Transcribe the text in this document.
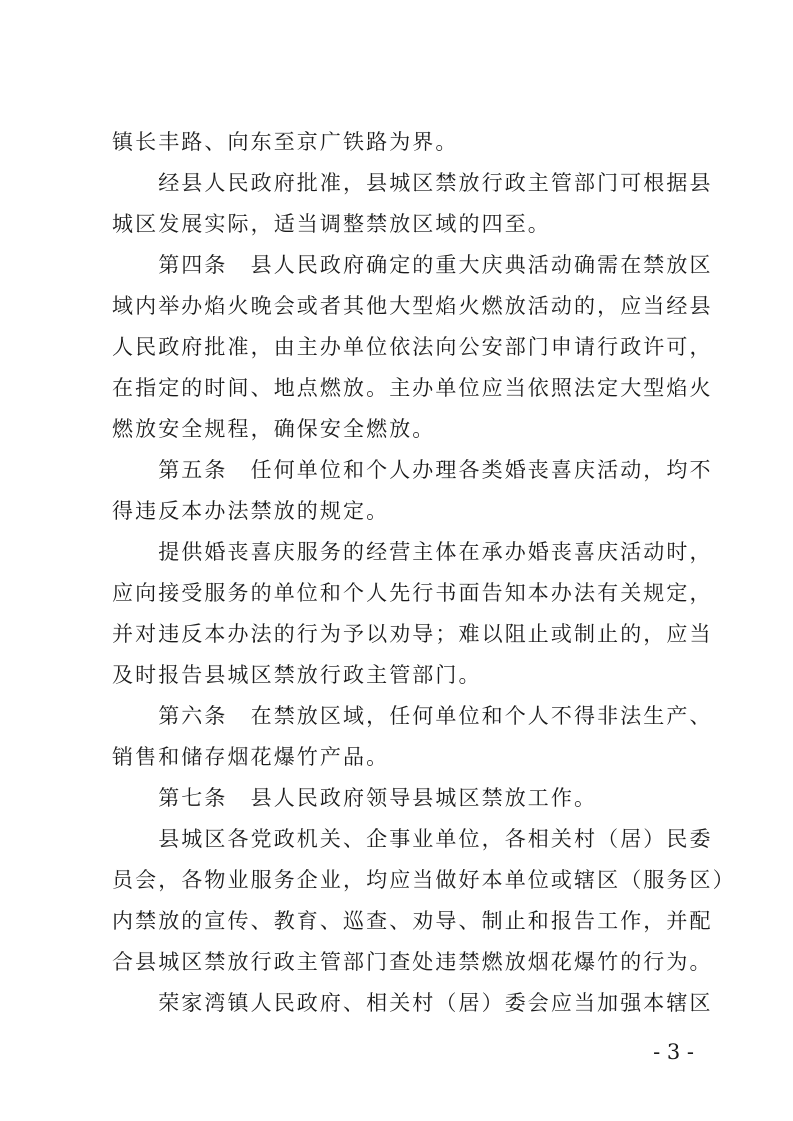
镇长丰路、向东至京广铁路为界。
　　经县人民政府批准，县城区禁放行政主管部门可根据县
城区发展实际，适当调整禁放区域的四至。
　　第四条　县人民政府确定的重大庆典活动确需在禁放区
域内举办焰火晚会或者其他大型焰火燃放活动的，应当经县
人民政府批准，由主办单位依法向公安部门申请行政许可，
在指定的时间、地点燃放。主办单位应当依照法定大型焰火
燃放安全规程，确保安全燃放。
　　第五条　任何单位和个人办理各类婚丧喜庆活动，均不
得违反本办法禁放的规定。
　　提供婚丧喜庆服务的经营主体在承办婚丧喜庆活动时，
应向接受服务的单位和个人先行书面告知本办法有关规定，
并对违反本办法的行为予以劝导；难以阻止或制止的，应当
及时报告县城区禁放行政主管部门。
　　第六条　在禁放区域，任何单位和个人不得非法生产、
销售和储存烟花爆竹产品。
　　第七条　县人民政府领导县城区禁放工作。
　　县城区各党政机关、企事业单位，各相关村（居）民委
员会，各物业服务企业，均应当做好本单位或辖区（服务区）
内禁放的宣传、教育、巡查、劝导、制止和报告工作，并配
合县城区禁放行政主管部门查处违禁燃放烟花爆竹的行为。
　　荣家湾镇人民政府、相关村（居）委会应当加强本辖区
- 3 -
